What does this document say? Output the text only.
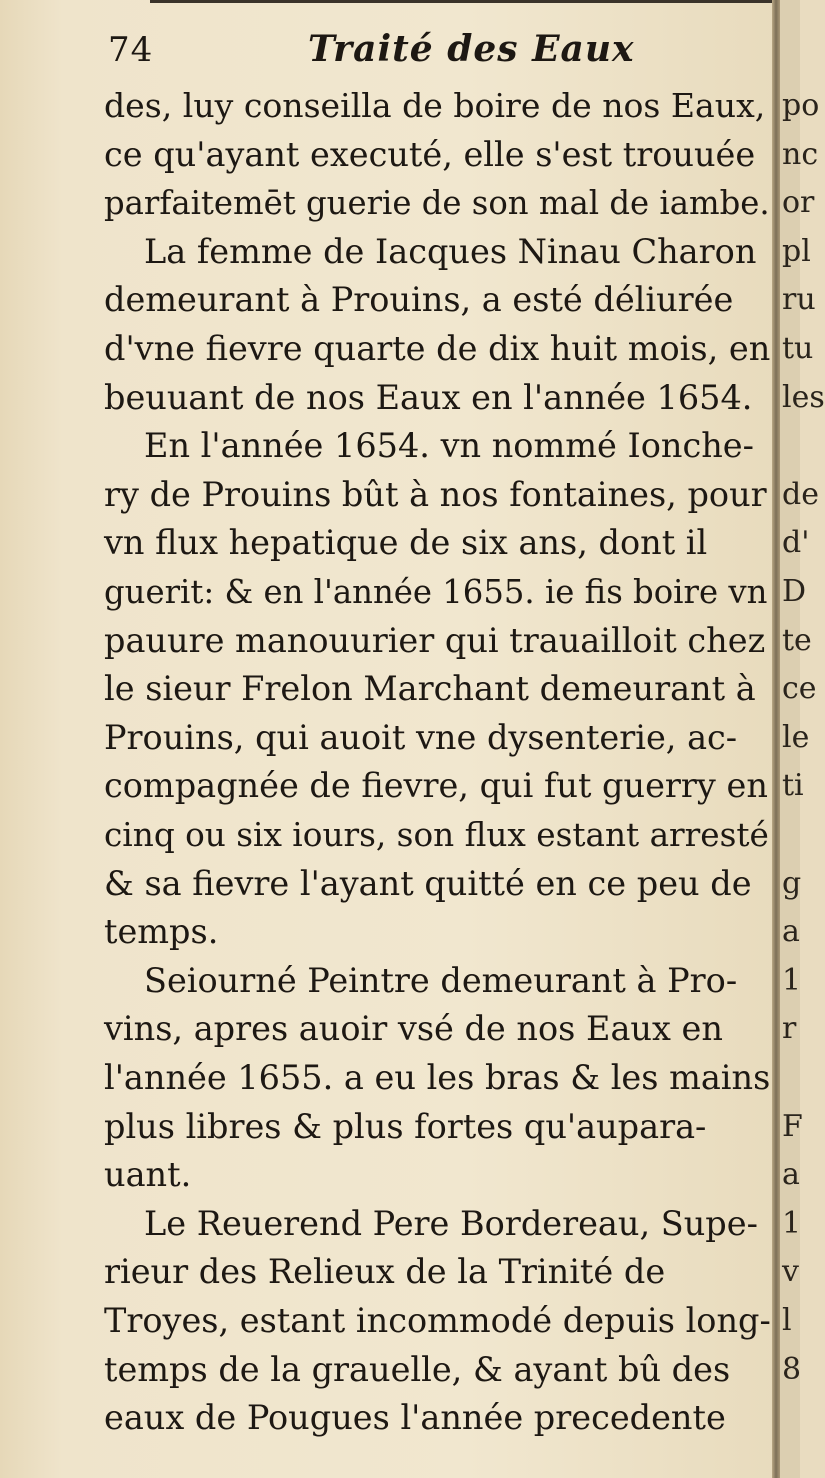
74	Traité des Eaux
des, luy conseilla de boire de nos Eaux,
ce qu'ayant executé, elle s'est trouuée
parfaitemēt guerie de son mal de iambe.
La femme de Iacques Ninau Charon
demeurant à Prouins, a esté déliurée
d'vne fievre quarte de dix huit mois, en
beuuant de nos Eaux en l'année 1654.
En l'année 1654. vn nommé Ionche-
ry de Prouins bût à nos fontaines, pour
vn flux hepatique de six ans, dont il
guerit: & en l'année 1655. ie fis boire vn
pauure manouurier qui trauailloit chez
le sieur Frelon Marchant demeurant à
Prouins, qui auoit vne dysenterie, ac-
compagnée de fievre, qui fut guerry en
cinq ou six iours, son flux estant arresté
& sa fievre l'ayant quitté en ce peu de
temps.
Seiourné Peintre demeurant à Pro-
vins, apres auoir vsé de nos Eaux en
l'année 1655. a eu les bras & les mains
plus libres & plus fortes qu'aupara-
uant.
Le Reuerend Pere Bordereau, Supe-
rieur des Relieux de la Trinité de
Troyes, estant incommodé depuis long-
temps de la grauelle, & ayant bû des
eaux de Pougues l'année precedente
po
nc
or
pl
ru
tu
les
de
d'
D
te
ce
le
ti
g
a
1
r
F
a
1
v
l
8
